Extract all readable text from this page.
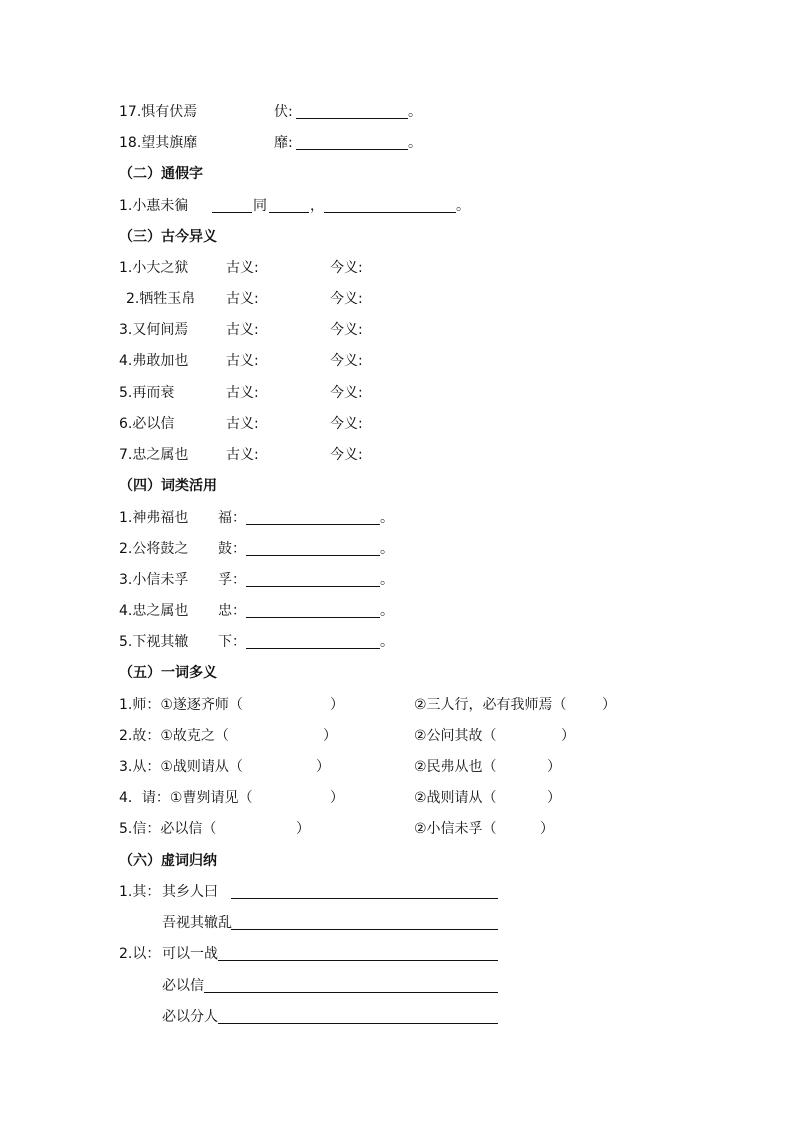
17.惧有伏焉	伏:	。
18.望其旗靡	靡:	。
（二）通假字
1.小惠未徧	同	，	。
（三）古今异义
1.小大之狱	古义:	今义:
2.牺牲玉帛 古义:	今义:
3.又何间焉	古义:	今义:
4.弗敢加也	古义:	今义:
5.再而衰	古义:	今义:
6.必以信	古义:	今义:
7.忠之属也	古义:	今义:
（四）词类活用
1.神弗福也 福：	。
2.公将鼓之 鼓：	。
3.小信未孚 孚：	。
4.忠之属也 忠：	。
5.下视其辙 下：	。
（五）一词多义
1.师：①遂逐齐师（	）	②三人行，必有我师焉（	）
2.故：①故克之（	）	②公问其故（	）
3.从：①战则请从（	）	②民弗从也（	）
4．请：①曹刿请见（	）	②战则请从（	）
5.信：必以信（	）	②小信未孚（	）
（六）虚词归纳
1.其： 其乡人曰
吾视其辙乱
2.以： 可以一战
必以信
必以分人
